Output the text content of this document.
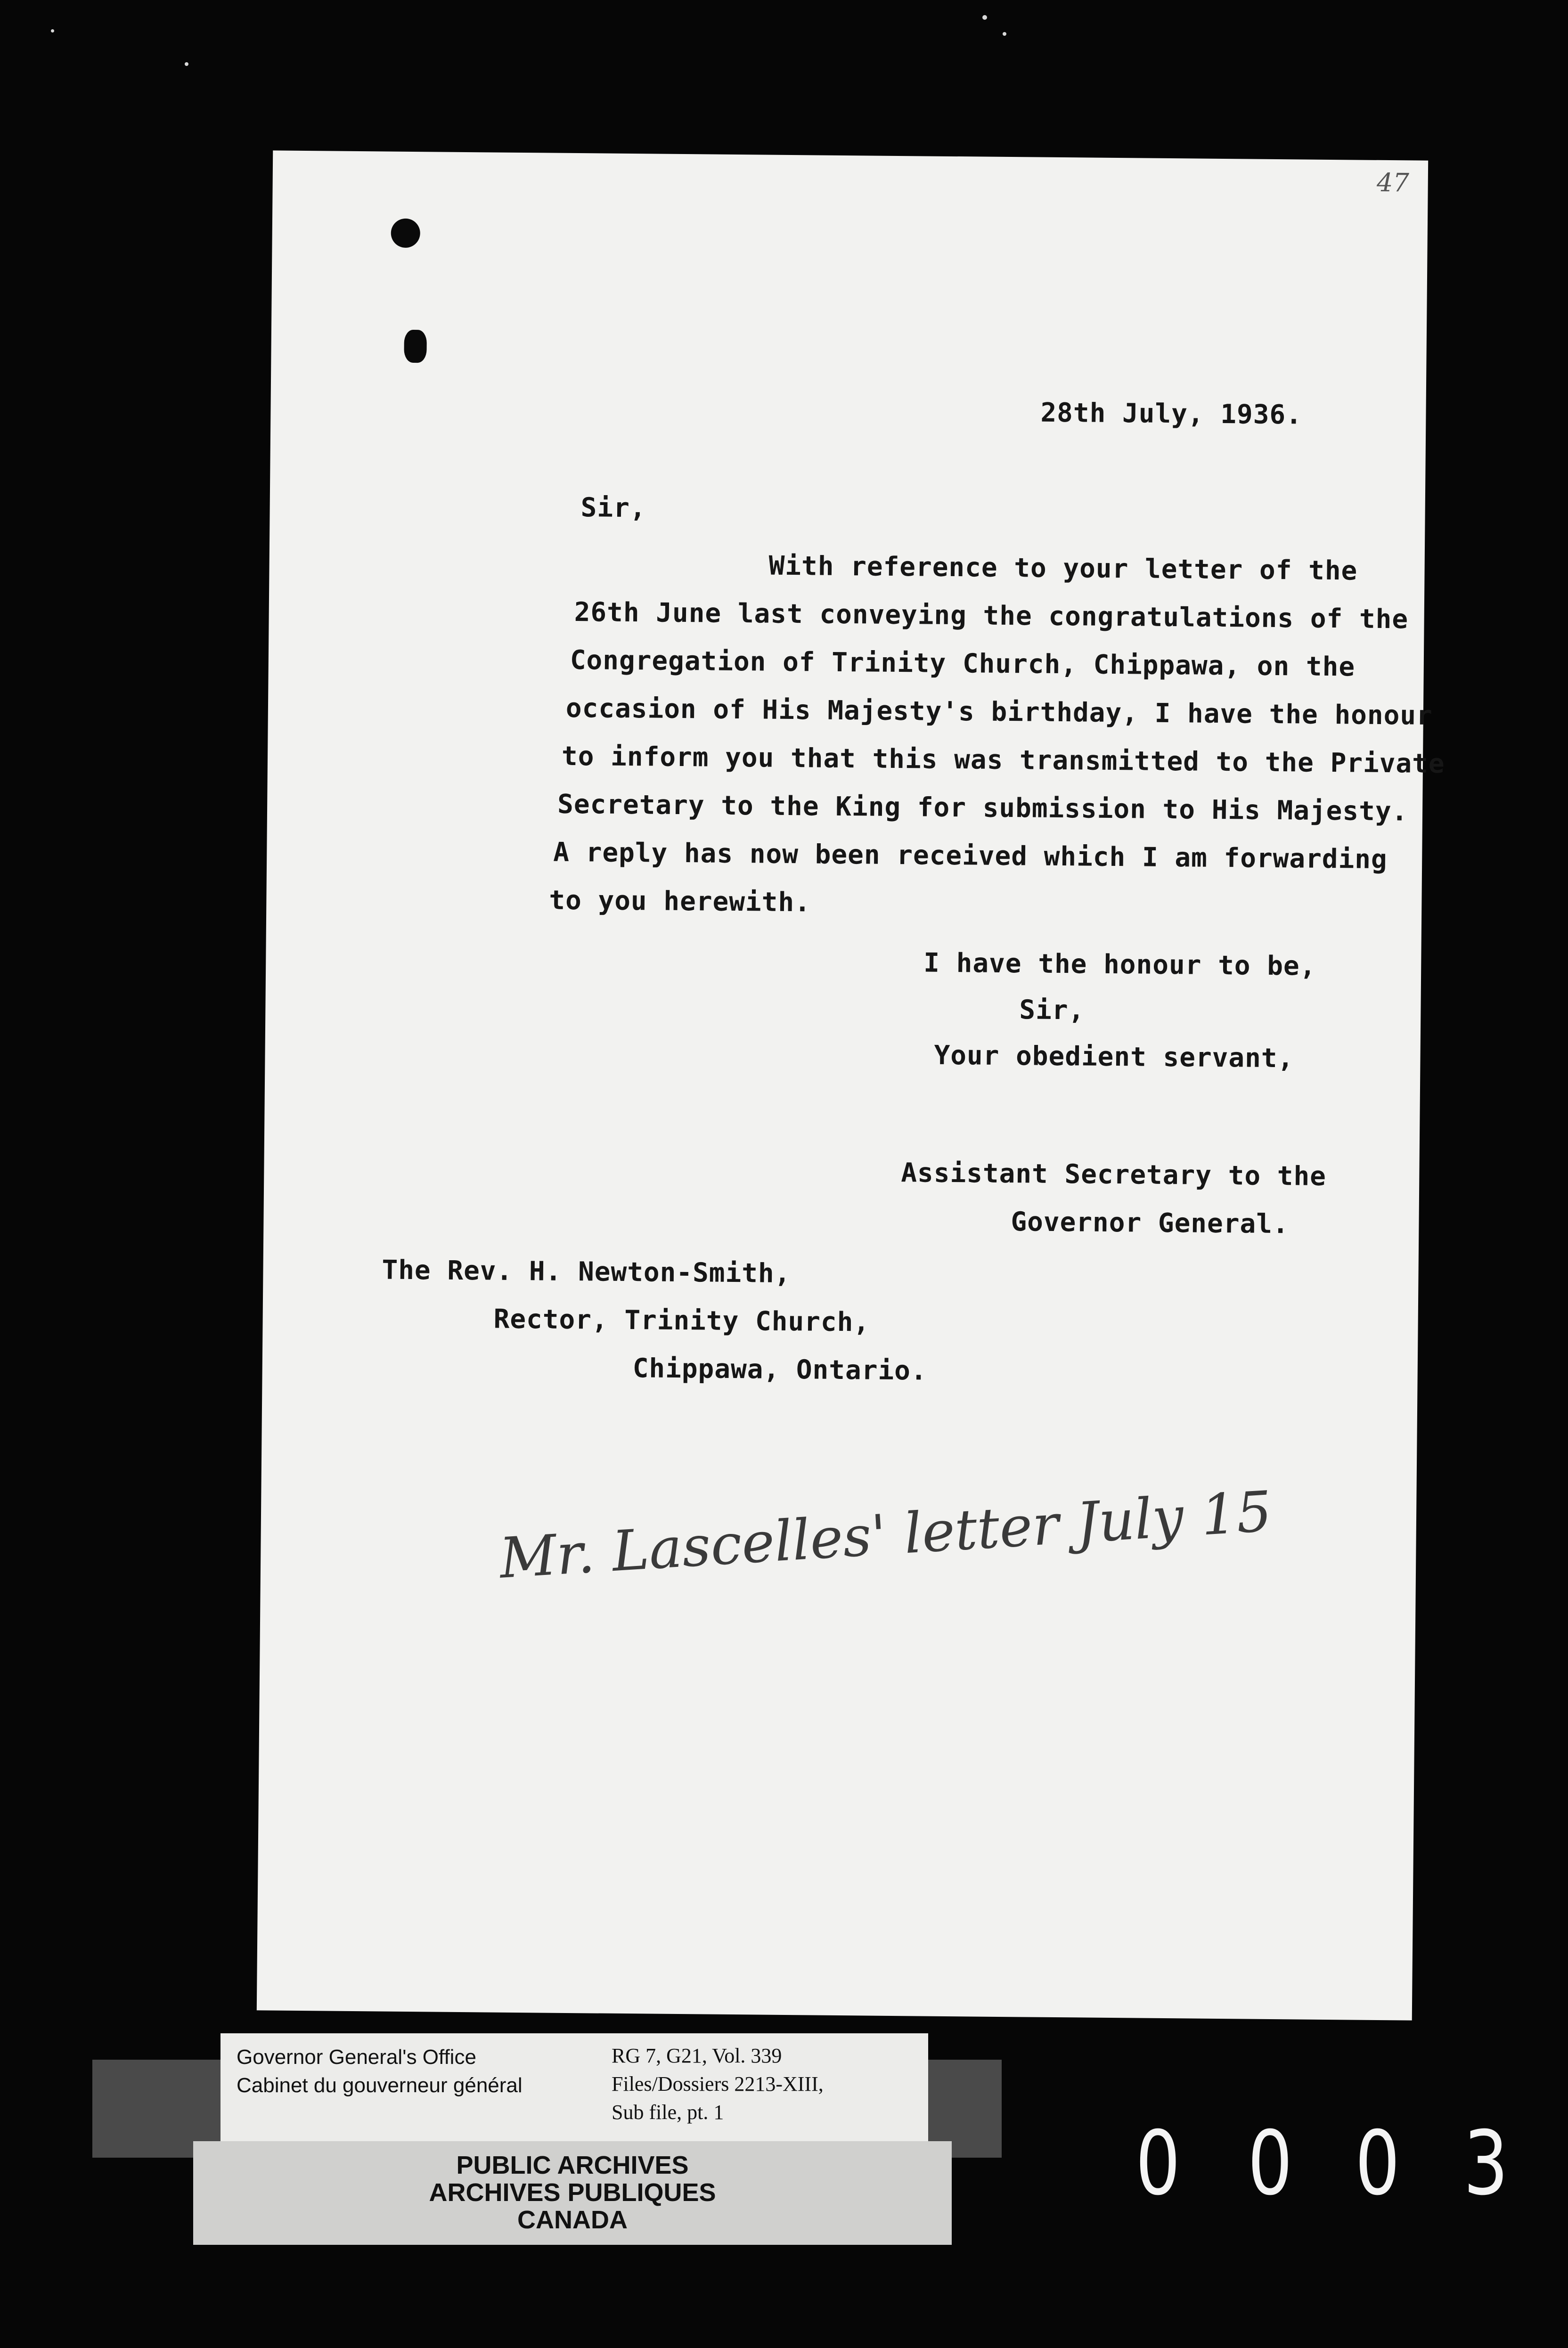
47
28th July, 1936.
Sir,
With reference to your letter of the
26th June last conveying the congratulations of the
Congregation of Trinity Church, Chippawa, on the
occasion of His Majesty's birthday, I have the honour
to inform you that this was transmitted to the Private
Secretary to the King for submission to His Majesty.
A reply has now been received which I am forwarding
to you herewith.
I have the honour to be,
Sir,
Your obedient servant,
Assistant Secretary to the
Governor General.
The Rev. H. Newton-Smith,
Rector, Trinity Church,
Chippawa, Ontario.
Mr. Lascelles' letter July 15
Governor General's Office
Cabinet du gouverneur général
RG 7, G21, Vol. 339
Files/Dossiers 2213-XIII,
Sub file, pt. 1
PUBLIC ARCHIVES
ARCHIVES PUBLIQUES
CANADA
0 0 0 3
